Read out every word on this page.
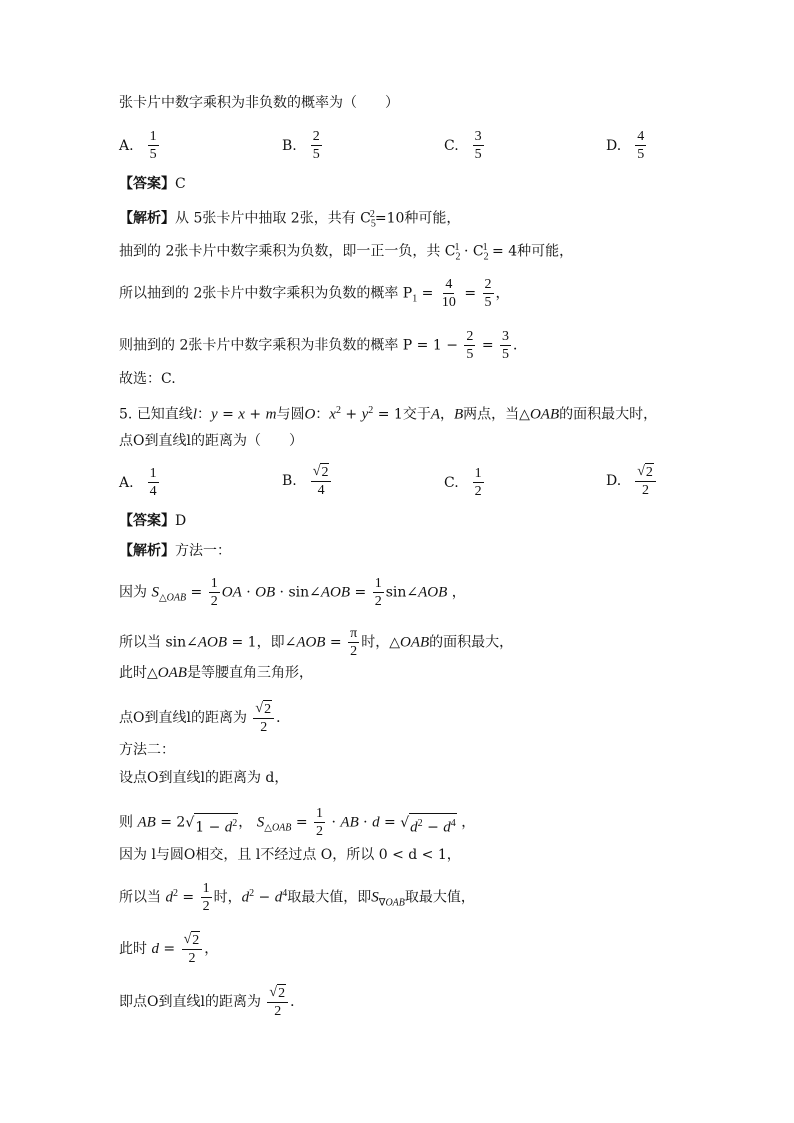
张卡片中数字乘积为非负数的概率为（　　）
A. $\frac{1}{5}$	B. $\frac{2}{5}$	C. $\frac{3}{5}$	D. $\frac{4}{5}$
【答案】C
【解析】从 5张卡片中抽取 2张，共有 $C_5^2=10$种可能，
抽到的 2张卡片中数字乘积为负数，即一正一负，共 $C_2^1 \cdot C_2^1 = 4$种可能，
所以抽到的 2张卡片中数字乘积为负数的概率 $P_1 = \frac{4}{10} = \frac{2}{5}$ ，
则抽到的 2张卡片中数字乘积为非负数的概率 $P = 1 - \frac{2}{5} = \frac{3}{5}$ ．
故选：C.
5. 已知直线l：y = x + m与圆O：$x^2 + y^2 = 1$交于A，B两点，当△OAB的面积最大时，
点O到直线l的距离为（　　）
A. $\frac{1}{4}$	B. $\frac{√ 2}{4}$	C. $\frac{1}{2}$	D. $\frac{√ 2}{2}$
【答案】D
【解析】方法一：
因为 $S_{\triangle OAB} = \frac{1}{2}$ OA · OB · sin∠AOB = $\frac{1}{2}$ sin∠AOB ，
所以当 sin∠AOB = 1，即∠AOB = $\frac{\pi}{2}$ 时，△OAB的面积最大，
此时△OAB是等腰直角三角形，
点O到直线l的距离为 $\frac{√ 2}{2}$ ．
方法二：
设点O到直线l的距离为 d，
则 AB = 2 √ $1 - d^2$ ， $S_{\triangle OAB} = \frac{1}{2}$ · AB · d = √ $d^2 - d^4$ ，
因为 l与圆O相交，且 l不经过点 O，所以 0 < d < 1，
所以当 $d^2 = \frac{1}{2}$ 时，$d^2 - d^4$取最大值，即$S_{\nabla OAB}$取最大值，
此时 $d = \frac{√ 2}{2}$ ，
即点O到直线l的距离为 $\frac{√ 2}{2}$ ．
